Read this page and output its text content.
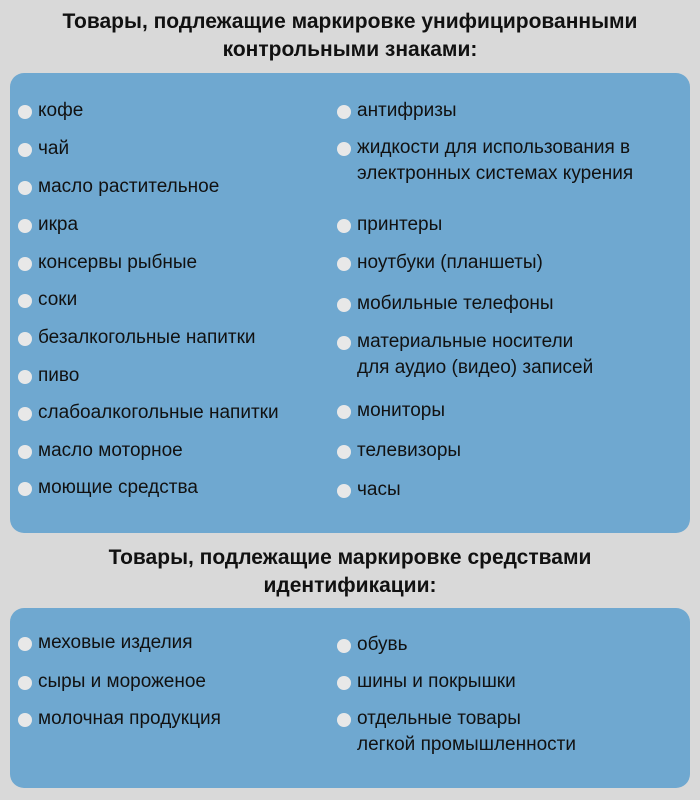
Товары, подлежащие маркировке унифицированными
контрольными знаками:
Товары, подлежащие маркировке средствами
идентификации:
кофе
чай
масло растительное
икра
консервы рыбные
соки
безалкогольные напитки
пиво
слабоалкогольные напитки
масло моторное
моющие средства
антифризы
жидкости для использования в
электронных системах курения
принтеры
ноутбуки (планшеты)
мобильные телефоны
материальные носители
для аудио (видео) записей
мониторы
телевизоры
часы
меховые изделия
сыры и мороженое
молочная продукция
обувь
шины и покрышки
отдельные товары
легкой промышленности
